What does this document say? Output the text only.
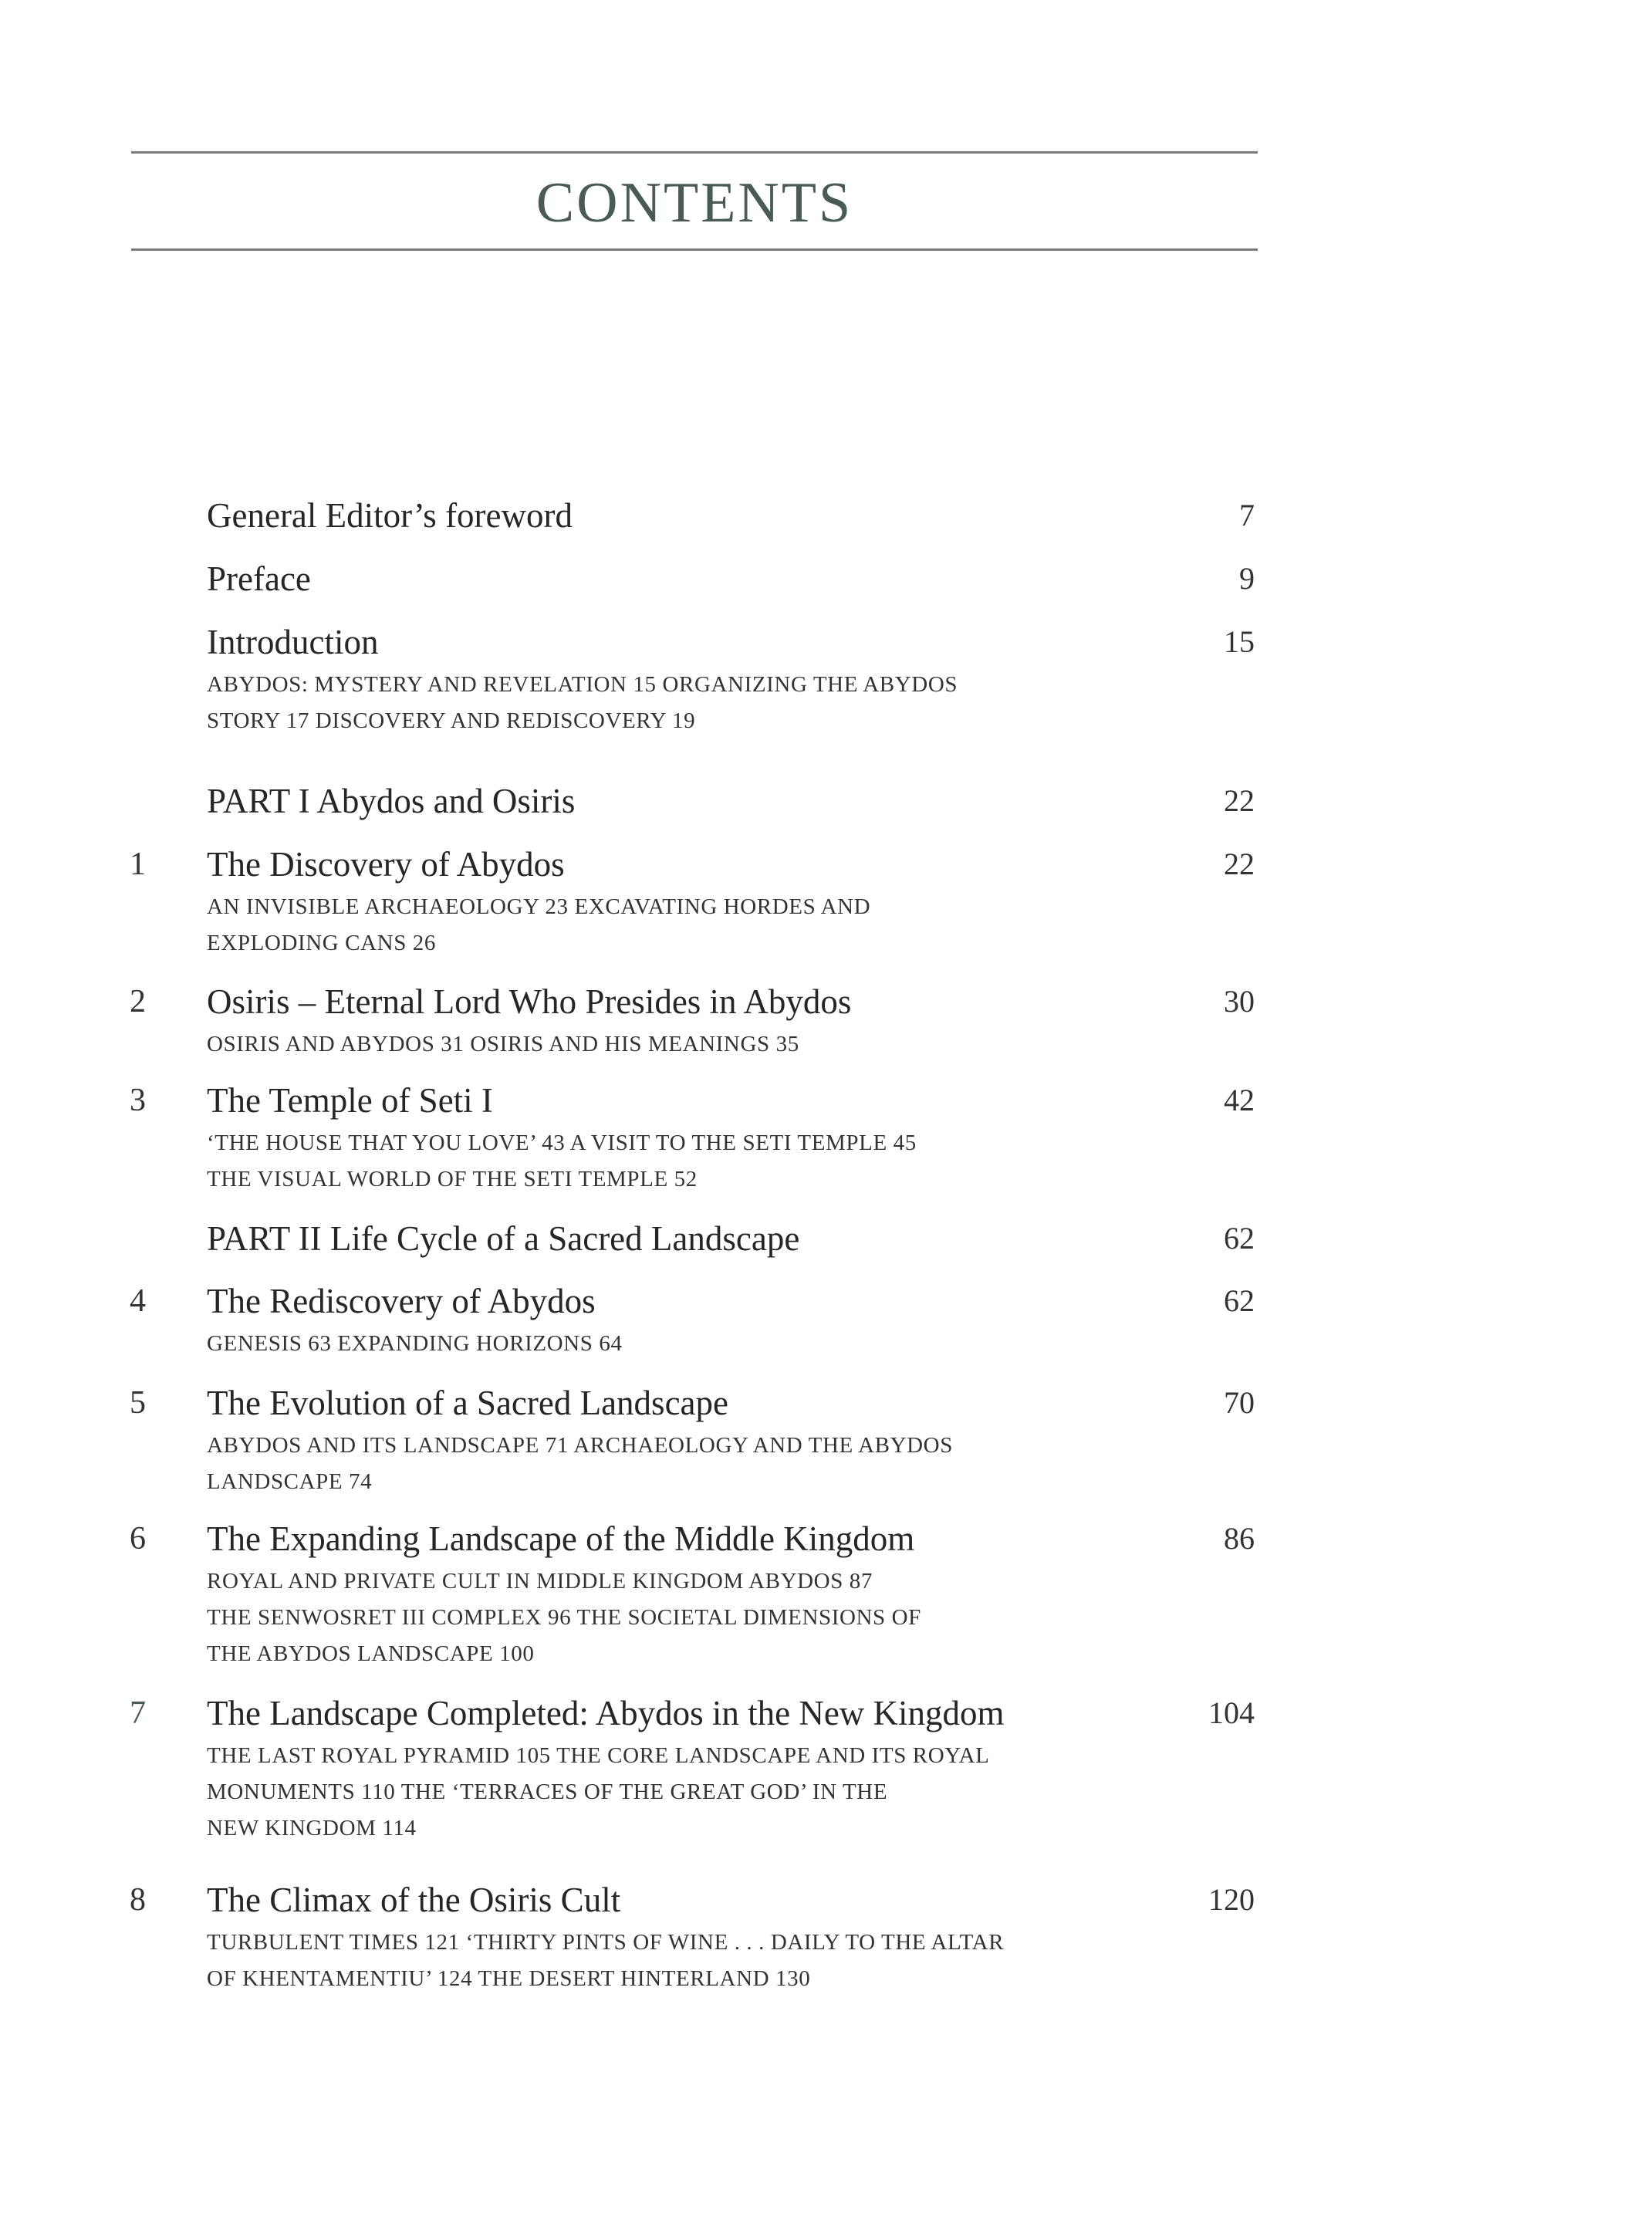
CONTENTS
General Editor’s foreword	7
Preface	9
Introduction	15
ABYDOS: MYSTERY AND REVELATION 15 ORGANIZING THE ABYDOS
STORY 17 DISCOVERY AND REDISCOVERY 19
PART I Abydos and Osiris	22
1 The Discovery of Abydos	22
AN INVISIBLE ARCHAEOLOGY 23 EXCAVATING HORDES AND
EXPLODING CANS 26
2 Osiris – Eternal Lord Who Presides in Abydos	30
OSIRIS AND ABYDOS 31 OSIRIS AND HIS MEANINGS 35
3 The Temple of Seti I	42
‘THE HOUSE THAT YOU LOVE’ 43 A VISIT TO THE SETI TEMPLE 45
THE VISUAL WORLD OF THE SETI TEMPLE 52
PART II Life Cycle of a Sacred Landscape	62
4 The Rediscovery of Abydos	62
GENESIS 63 EXPANDING HORIZONS 64
5 The Evolution of a Sacred Landscape	70
ABYDOS AND ITS LANDSCAPE 71 ARCHAEOLOGY AND THE ABYDOS
LANDSCAPE 74
6 The Expanding Landscape of the Middle Kingdom	86
ROYAL AND PRIVATE CULT IN MIDDLE KINGDOM ABYDOS 87
THE SENWOSRET III COMPLEX 96 THE SOCIETAL DIMENSIONS OF
THE ABYDOS LANDSCAPE 100
7 The Landscape Completed: Abydos in the New Kingdom	104
THE LAST ROYAL PYRAMID 105 THE CORE LANDSCAPE AND ITS ROYAL
MONUMENTS 110 THE ‘TERRACES OF THE GREAT GOD’ IN THE
NEW KINGDOM 114
8 The Climax of the Osiris Cult	120
TURBULENT TIMES 121 ‘THIRTY PINTS OF WINE . . . DAILY TO THE ALTAR
OF KHENTAMENTIU’ 124 THE DESERT HINTERLAND 130
